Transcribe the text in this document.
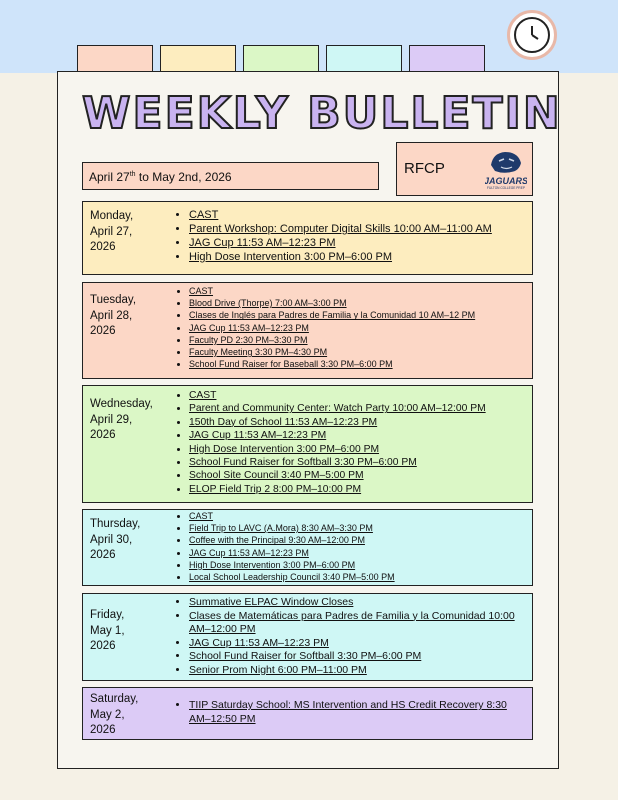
WEEKLY BULLETIN
April 27th to May 2nd, 2026	RFCP
JAGUARS
FULTON COLLEGE PREP
Monday,
April 27,
2026
• CAST
• Parent Workshop: Computer Digital Skills 10:00 AM–11:00 AM
• JAG Cup 11:53 AM–12:23 PM
• High Dose Intervention 3:00 PM–6:00 PM
Tuesday,
April 28,
2026
• CAST
• Blood Drive (Thorpe) 7:00 AM–3:00 PM
• Clases de Inglés para Padres de Familia y la Comunidad 10 AM–12 PM
• JAG Cup 11:53 AM–12:23 PM
• Faculty PD 2:30 PM–3:30 PM
• Faculty Meeting 3:30 PM–4:30 PM
• School Fund Raiser for Baseball 3:30 PM–6:00 PM
Wednesday,
April 29,
2026
• CAST
• Parent and Community Center: Watch Party 10:00 AM–12:00 PM
• 150th Day of School 11:53 AM–12:23 PM
• JAG Cup 11:53 AM–12:23 PM
• High Dose Intervention 3:00 PM–6:00 PM
• School Fund Raiser for Softball 3:30 PM–6:00 PM
• School Site Council 3:40 PM–5:00 PM
• ELOP Field Trip 2 8:00 PM–10:00 PM
Thursday,
April 30,
2026
• CAST
• Field Trip to LAVC (A.Mora) 8:30 AM–3:30 PM
• Coffee with the Principal 9:30 AM–12:00 PM
• JAG Cup 11:53 AM–12:23 PM
• High Dose Intervention 3:00 PM–6:00 PM
• Local School Leadership Council 3:40 PM–5:00 PM
Friday,
May 1,
2026
• Summative ELPAC Window Closes
• Clases de Matemáticas para Padres de Familia y la Comunidad 10:00 AM–12:00 PM
• JAG Cup 11:53 AM–12:23 PM
• School Fund Raiser for Softball 3:30 PM–6:00 PM
• Senior Prom Night 6:00 PM–11:00 PM
Saturday,
May 2,
2026
• TIIP Saturday School: MS Intervention and HS Credit Recovery 8:30 AM–12:50 PM
